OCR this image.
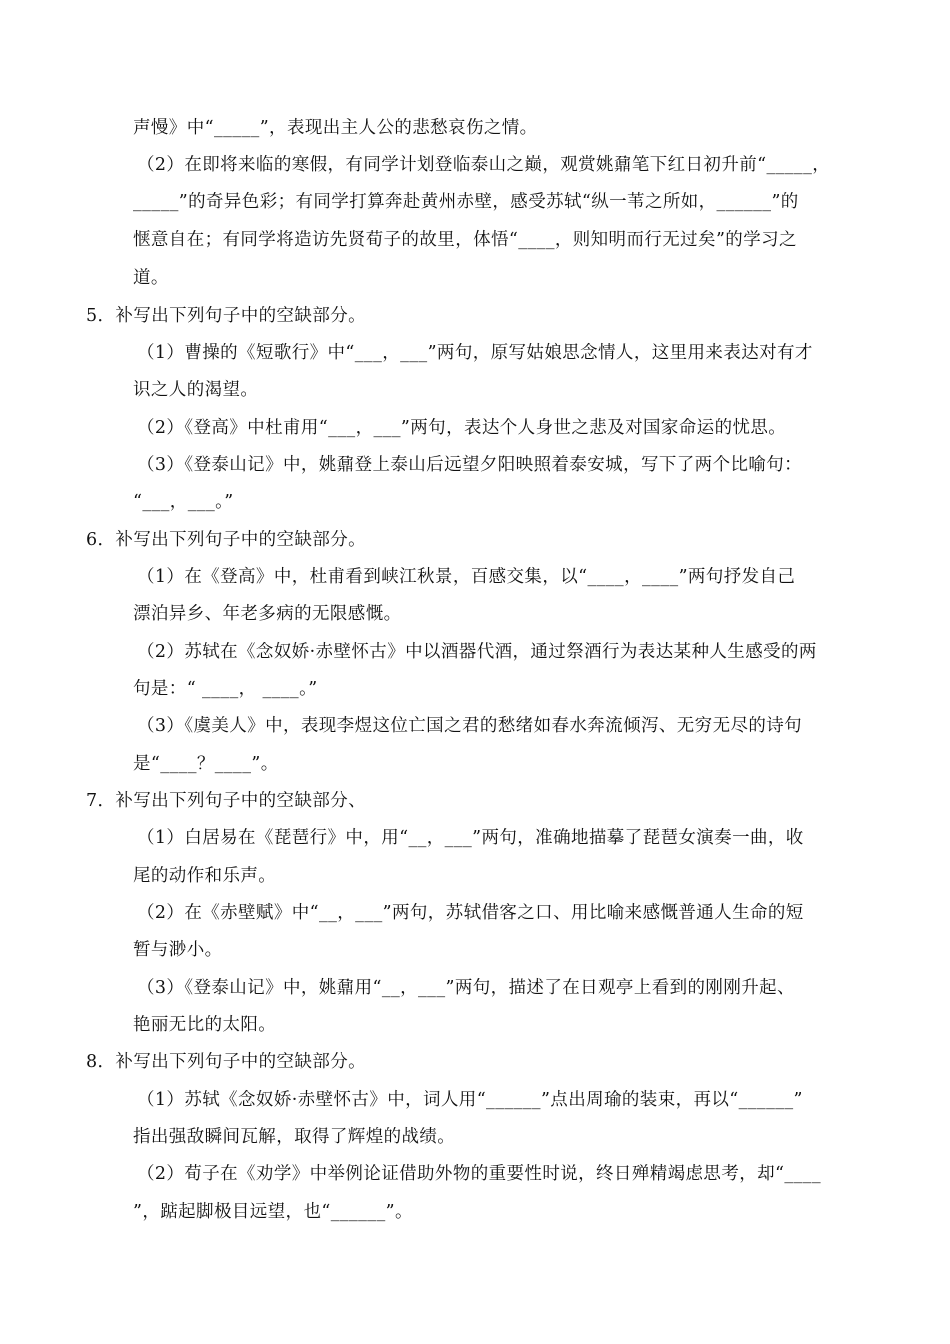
声慢》中“_____”，表现出主人公的悲愁哀伤之情。
（2）在即将来临的寒假，有同学计划登临泰山之巅，观赏姚鼐笔下红日初升前“_____，
_____”的奇异色彩；有同学打算奔赴黄州赤壁，感受苏轼“纵一苇之所如，______”的
惬意自在；有同学将造访先贤荀子的故里，体悟“____，则知明而行无过矣”的学习之
道。
5．补写出下列句子中的空缺部分。
（1）曹操的《短歌行》中“___，___”两句，原写姑娘思念情人，这里用来表达对有才
识之人的渴望。
（2）《登高》中杜甫用“___，___”两句，表达个人身世之悲及对国家命运的忧思。
（3）《登泰山记》中，姚鼐登上泰山后远望夕阳映照着泰安城，写下了两个比喻句：
“___，___。”
6．补写出下列句子中的空缺部分。
（1）在《登高》中，杜甫看到峡江秋景，百感交集，以“____，____”两句抒发自己
漂泊异乡、年老多病的无限感慨。
（2）苏轼在《念奴娇·赤壁怀古》中以酒器代酒，通过祭酒行为表达某种人生感受的两
句是：“ ____， ____。”
（3）《虞美人》中，表现李煜这位亡国之君的愁绪如春水奔流倾泻、无穷无尽的诗句
是“____？____”。
7．补写出下列句子中的空缺部分、
（1）白居易在《琵琶行》中，用“__，___”两句，准确地描摹了琵琶女演奏一曲，收
尾的动作和乐声。
（2）在《赤壁赋》中“__，___”两句，苏轼借客之口、用比喻来感慨普通人生命的短
暂与渺小。
（3）《登泰山记》中，姚鼐用“__，___”两句，描述了在日观亭上看到的刚刚升起、
艳丽无比的太阳。
8．补写出下列句子中的空缺部分。
（1）苏轼《念奴娇·赤壁怀古》中，词人用“______”点出周瑜的装束，再以“______”
指出强敌瞬间瓦解，取得了辉煌的战绩。
（2）荀子在《劝学》中举例论证借助外物的重要性时说，终日殚精竭虑思考，却“____
”，踮起脚极目远望，也“______”。
